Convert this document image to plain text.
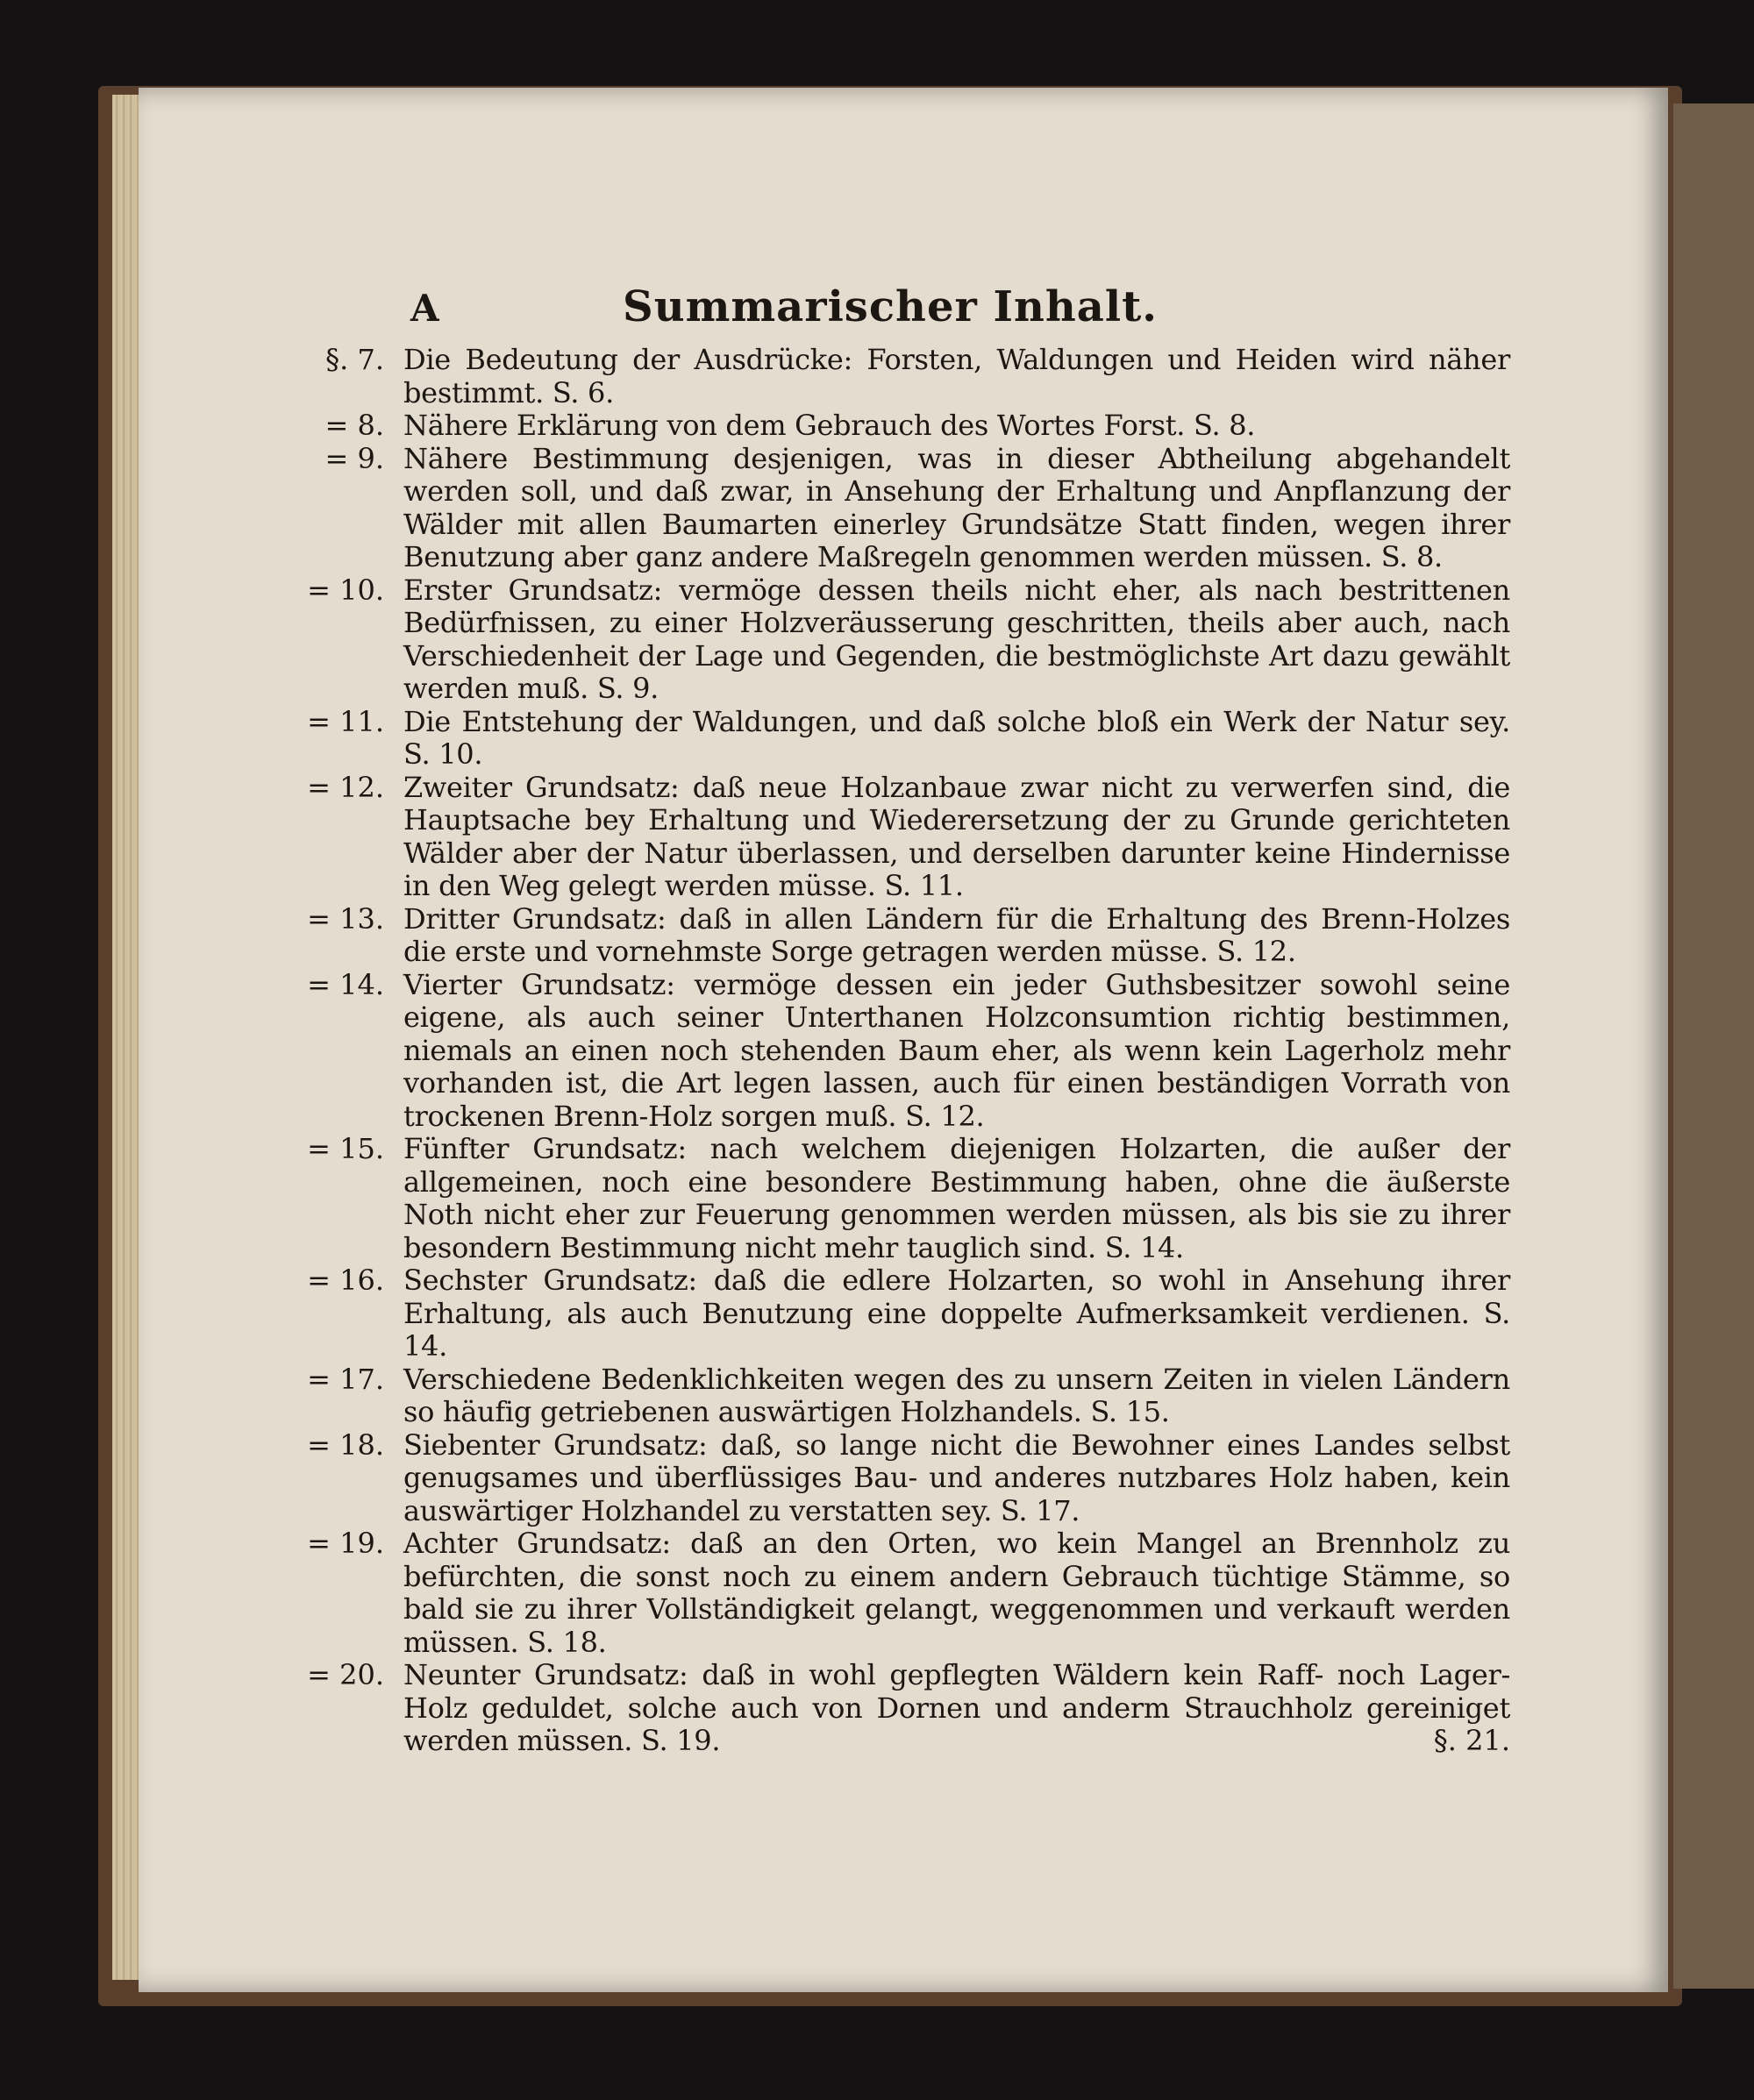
A	Summarischer Inhalt.
§. 7. Die Bedeutung der Ausdrücke: Forsten, Waldungen und Heiden wird näher bestimmt. S. 6.

= 8. Nähere Erklärung von dem Gebrauch des Wortes Forst. S. 8.

= 9. Nähere Bestimmung desjenigen, was in dieser Abtheilung abgehandelt werden soll, und daß zwar, in Ansehung der Erhaltung und Anpflanzung der Wälder mit allen Baumarten einerley Grundsätze Statt finden, wegen ihrer Benutzung aber ganz andere Maßregeln genommen werden müssen. S. 8.

= 10. Erster Grundsatz: vermöge dessen theils nicht eher, als nach bestrittenen Bedürfnissen, zu einer Holzveräusserung geschritten, theils aber auch, nach Verschiedenheit der Lage und Gegenden, die bestmöglichste Art dazu gewählt werden muß. S. 9.

= 11. Die Entstehung der Waldungen, und daß solche bloß ein Werk der Natur sey. S. 10.

= 12. Zweiter Grundsatz: daß neue Holzanbaue zwar nicht zu verwerfen sind, die Hauptsache bey Erhaltung und Wiederersetzung der zu Grunde gerichteten Wälder aber der Natur überlassen, und derselben darunter keine Hindernisse in den Weg gelegt werden müsse. S. 11.

= 13. Dritter Grundsatz: daß in allen Ländern für die Erhaltung des Brenn-Holzes die erste und vornehmste Sorge getragen werden müsse. S. 12.

= 14. Vierter Grundsatz: vermöge dessen ein jeder Guthsbesitzer sowohl seine eigene, als auch seiner Unterthanen Holzconsumtion richtig bestimmen, niemals an einen noch stehenden Baum eher, als wenn kein Lagerholz mehr vorhanden ist, die Art legen lassen, auch für einen beständigen Vorrath von trockenen Brenn-Holz sorgen muß. S. 12.

= 15. Fünfter Grundsatz: nach welchem diejenigen Holzarten, die außer der allgemeinen, noch eine besondere Bestimmung haben, ohne die äußerste Noth nicht eher zur Feuerung genommen werden müssen, als bis sie zu ihrer besondern Bestimmung nicht mehr tauglich sind. S. 14.

= 16. Sechster Grundsatz: daß die edlere Holzarten, so wohl in Ansehung ihrer Erhaltung, als auch Benutzung eine doppelte Aufmerksamkeit verdienen. S. 14.

= 17. Verschiedene Bedenklichkeiten wegen des zu unsern Zeiten in vielen Ländern so häufig getriebenen auswärtigen Holzhandels. S. 15.

= 18. Siebenter Grundsatz: daß, so lange nicht die Bewohner eines Landes selbst genugsames und überflüssiges Bau- und anderes nutzbares Holz haben, kein auswärtiger Holzhandel zu verstatten sey. S. 17.

= 19. Achter Grundsatz: daß an den Orten, wo kein Mangel an Brennholz zu befürchten, die sonst noch zu einem andern Gebrauch tüchtige Stämme, so bald sie zu ihrer Vollständigkeit gelangt, weggenommen und verkauft werden müssen. S. 18.

= 20. Neunter Grundsatz: daß in wohl gepflegten Wäldern kein Raff- noch Lager-Holz geduldet, solche auch von Dornen und anderm Strauchholz gereiniget werden müssen. S. 19.	§. 21.
